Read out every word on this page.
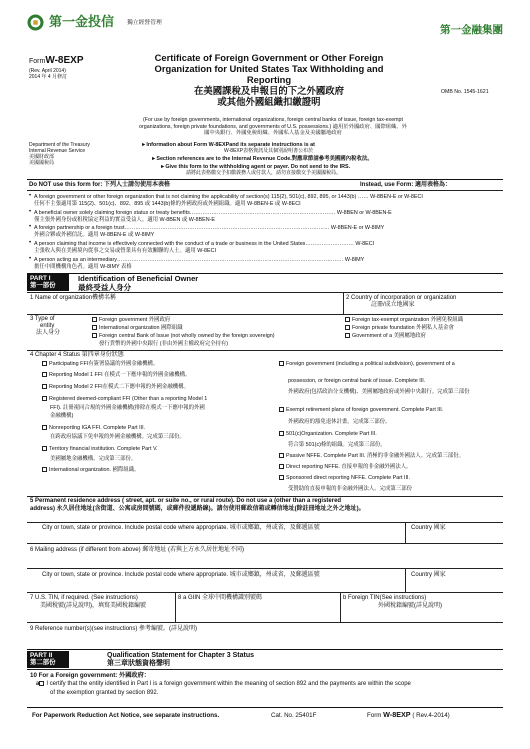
第一金投信 獨立經營管理
第一金融集團
FormW-8EXP
(Rev. April 2014)
2014 年 4 月修訂
Department of the Treasury
Internal Revenue Service
美國財政部
美國國稅局
Certificate of Foreign Government or Other Foreign
Organization for United States Tax Withholding and
Reporting
在美國課稅及申報目的下之外國政府
或其他外國組織扣繳證明
OMB No. 1545-1621
(For use by foreign governments, international organizations, foreign central banks of issue, foreign tax-exempt
organizations, foreign private foundations, and governments of U.S. possessions.) 適用於外國政府、國際組織、外
國中央銀行、外國免稅組織、外國私人基金及美國屬地政府
►Information about Form W-8EXPand its separate instructions is at
W-8EXP表格資訊及其個別說明書公布於
►Section references are to the Internal Revenue Code.對應章節請參考美國國內稅收法。
►Give this form to the withholding agent or payer. Do not send to the IRS.
請將此表格繳交予扣繳義務人或付款人，請勿直接繳交予美國國稅局。
Do NOT use this form for: 下列人士請勿使用本表格	Instead, use Form: 適用表格為：
• A foreign government or other foreign organization that is not claiming the applicability of section(s) 115(2), 501(c), 892, 895, or 1443(b) …… W-8BEN-E or W-8ECI
任何不主張適用第 115(2)、501(c)、892、895 或 1443(b)條的外國政府或外國組織。適用 W-8BEN-E 或 W-8ECI
• A beneficial owner solely claiming foreign status or treaty benefits……………………………………………………………………… W-8BEN or W-8BEN-E
僅主張外國身份或租稅協定利益的實益受益人。適用 W-8BEN 或 W-8BEN-E
• A foreign partnership or a foreign trust…………………………………………………………………………………………………… W-8BEN-E or W-8IMY
外國合夥或外國信託。適用 W-8BEN-E 或 W-8IMY
• A person claiming that income is effectively connected with the conduct of a trade or business in the United States……………………… W-8ECI
主張收入與在美國境內從事之交易或營業具有有效關聯的人士。適用 W-8ECI
• A person acting as an intermediary……………………………………………………………………………………………………………… W-8IMY
擔任中間機構角色者。適用 W-8IMY 表格
PART I
第一部份
Identification of Beneficial Owner
最終受益人身分
1 Name of organization機構名稱	2 Country of incorporation or organization
註冊/成立地國家
3 Type of
entity
法人身分
Foreign government 外國政府
International organization 國際組織
Foreign central Bank of Issue (not wholly owned by the foreign sovereign)
發行貨幣的外國中央銀行 (非由外國主權政府完全持有)
Foreign tax-exempt organization 外國免稅組織
Foreign private foundation 外國私人基金會
Government of a 美國屬地政府
4 Chapter 4 Status 第四章身份狀態
Participating FFI有簽署協議的外國金融機構。
Reporting Model 1 FFI 在模式一下應申報的外國金融機構。
Reporting Model 2 FFI在模式二下應申報的外國金融機構。
Registered deemed-compliant FFI (Other than a reporting Model 1
FFI). 註冊視同合規的外國金融機構(排除在模式一下應申報的外國
金融機構)
Nonreporting IGA FFI. Complete Part III.
在跨政府協議下免申報的外國金融機構。完成第三部份。
Territory financial institution. Complete Part V.
美國屬地金融機構。完成第三部份。
International organization. 國際組織。
Foreign government (including a political subdivision), government of a
possession, or foreign central bank of issue. Complete III.
外國政府(包括政治分支機構)、美國屬地政府或外國中央銀行。完成第三部份
Exempt retirement plans of foreign government. Complete Part III.
外國政府的豁免退休計畫。完成第三部份。
501(c)Organization. Complete Part III.
符合第 501(c)條的組織。完成第三部份。
Passive NFFE. Complete Part III. 消極的非金融外國法人。完成第三部份。
Direct reporting NFFE. 直接申報的非金融外國法人。
Sponsored direct reporting NFFE. Complete Part III.
受贊助的直接申報的非金融外國法人。完成第三部份
5 Permanent residence address ( street, apt. or suite no., or rural route). Do not use a (other than a registered
address) 永久居住地址(含街道、公寓或房間號碼，或郵件投遞路線)。請勿使用郵政信箱或轉信地址(除註冊地址之外之地址)。
City or town, state or province. Include postal code where appropriate. 城市或鄉鎮，州或省，及郵遞區號	Country 國家
6 Mailing address (if different from above) 郵寄地址 (若與上方永久居住地址不同)
City or town, state or province. Include postal code where appropriate. 城市或鄉鎮，州或省，及郵遞區號	Country 國家
7 U.S. TIN, if required. (See instructions)
美國稅號(詳見說明)，填寫美國稅籍編號
8 a GIIN 全球中間機構識別號碼	b Foreign TIN(See instructions)
外國稅籍編號(詳見說明)
9 Reference number(s)(see instructions) 參考編號。(詳見說明)
PART II
第二部份
Qualification Statement for Chapter 3 Status
第三章狀態資格聲明
10 For a Foreign government: 外國政府：
a I certify that the entity identified in Part I is a foreign government within the meaning of section 892 and the payments are within the scope
of the exemption granted by section 892.
For Paperwork Reduction Act Notice, see separate instructions.	Cat. No. 25401F	Form W-8EXP ( Rev.4-2014)
